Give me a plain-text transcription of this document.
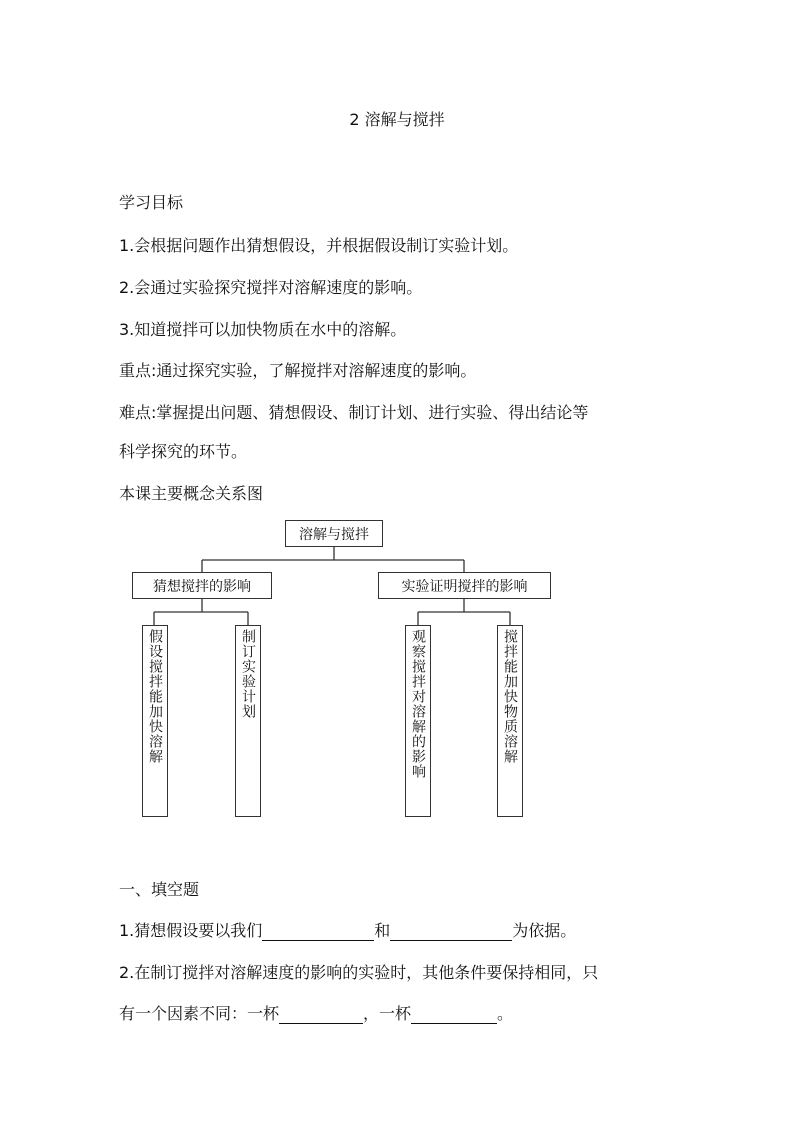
2 溶解与搅拌
学习目标
1.会根据问题作出猜想假设，并根据假设制订实验计划。
2.会通过实验探究搅拌对溶解速度的影响。
3.知道搅拌可以加快物质在水中的溶解。
重点:通过探究实验，了解搅拌对溶解速度的影响。
难点:掌握提出问题、猜想假设、制订计划、进行实验、得出结论等
科学探究的环节。
本课主要概念关系图
溶解与搅拌
猜想搅拌的影响	实验证明搅拌的影响
假设搅拌能加快溶解	制订实验计划	观察搅拌对溶解的影响	搅拌能加快物质溶解
一、填空题
1.猜想假设要以我们	和	为依据。
2.在制订搅拌对溶解速度的影响的实验时，其他条件要保持相同，只
有一个因素不同：一杯	，一杯	。
